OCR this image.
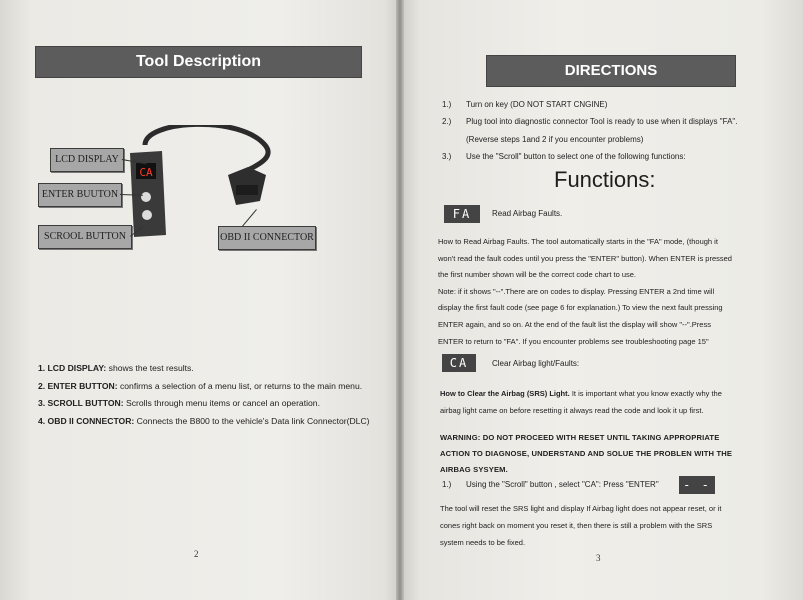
Tool Description
CA
LCD DISPLAY
ENTER BUUTON
SCROOL BUTTON	OBD II CONNECTOR
1. LCD DISPLAY: shows the test results.
2. ENTER BUTTON: confirms a selection of a menu list, or returns to the main menu.
3. SCROLL BUTTON: Scrolls through menu items or cancel an operation.
4. OBD II CONNECTOR: Connects the B800 to the vehicle's Data link Connector(DLC)
2
DIRECTIONS
1.) Turn on key (DO NOT START CNGINE)
2.) Plug tool into diagnostic connector Tool is ready to use when it displays "FA".
(Reverse steps 1and 2 if you encounter problems)
3.) Use the "Scroll" button to select one of the following functions:
Functions:
FA	Read Airbag Faults.
How to Read Airbag Faults. The tool automatically starts in the "FA" mode, (though it
won't read the fault codes until you press the "ENTER" button). When ENTER is pressed
the first number shown will be the correct code chart to use.
Note: if it shows "--".There are on codes to display. Pressing ENTER a 2nd time will
display the first fault code (see page 6 for explanation.) To view the next fault pressing
ENTER again, and so on. At the end of the fault list the display will show "--".Press
ENTER to return to "FA". If you encounter problems see troubleshooting page 15"
CA	Clear Airbag light/Faults:
How to Clear the Airbag (SRS) Light. It is important what you know exactly why the
airbag light came on before resetting it always read the code and look it up first.
WARNING: DO NOT PROCEED WITH RESET UNTIL TAKING APPROPRIATE
ACTION TO DIAGNOSE, UNDERSTAND AND SOLUE THE PROBLEN WITH THE
AIRBAG SYSYEM.
1.) Using the "Scroll" button , select "CA": Press "ENTER"	- -
The tool will reset the SRS light and display If Airbag light does not appear reset, or it
cones right back on moment you reset it, then there is still a problem with the SRS
system needs to be fixed.
3
